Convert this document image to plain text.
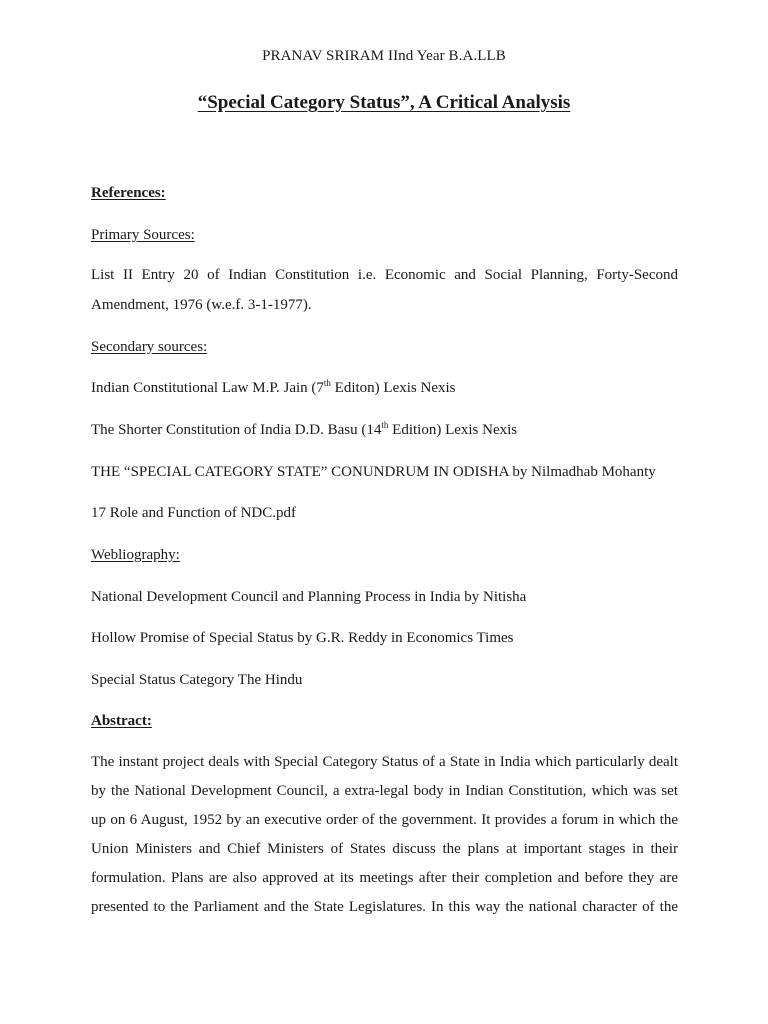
PRANAV SRIRAM IInd Year B.A.LLB
“Special Category Status”, A Critical Analysis
References:
Primary Sources:
List II Entry 20 of Indian Constitution i.e. Economic and Social Planning, Forty-Second
Amendment, 1976 (w.e.f. 3-1-1977).
Secondary sources:
Indian Constitutional Law M.P. Jain (7th Editon) Lexis Nexis
The Shorter Constitution of India D.D. Basu (14th Edition) Lexis Nexis
THE “SPECIAL CATEGORY STATE” CONUNDRUM IN ODISHA by Nilmadhab Mohanty
17 Role and Function of NDC.pdf
Webliography:
National Development Council and Planning Process in India by Nitisha
Hollow Promise of Special Status by G.R. Reddy in Economics Times
Special Status Category The Hindu
Abstract:
The instant project deals with Special Category Status of a State in India which particularly dealt
by the National Development Council, a extra-legal body in Indian Constitution, which was set
up on 6 August, 1952 by an executive order of the government. It provides a forum in which the
Union Ministers and Chief Ministers of States discuss the plans at important stages in their
formulation. Plans are also approved at its meetings after their completion and before they are
presented to the Parliament and the State Legislatures. In this way the national character of the
